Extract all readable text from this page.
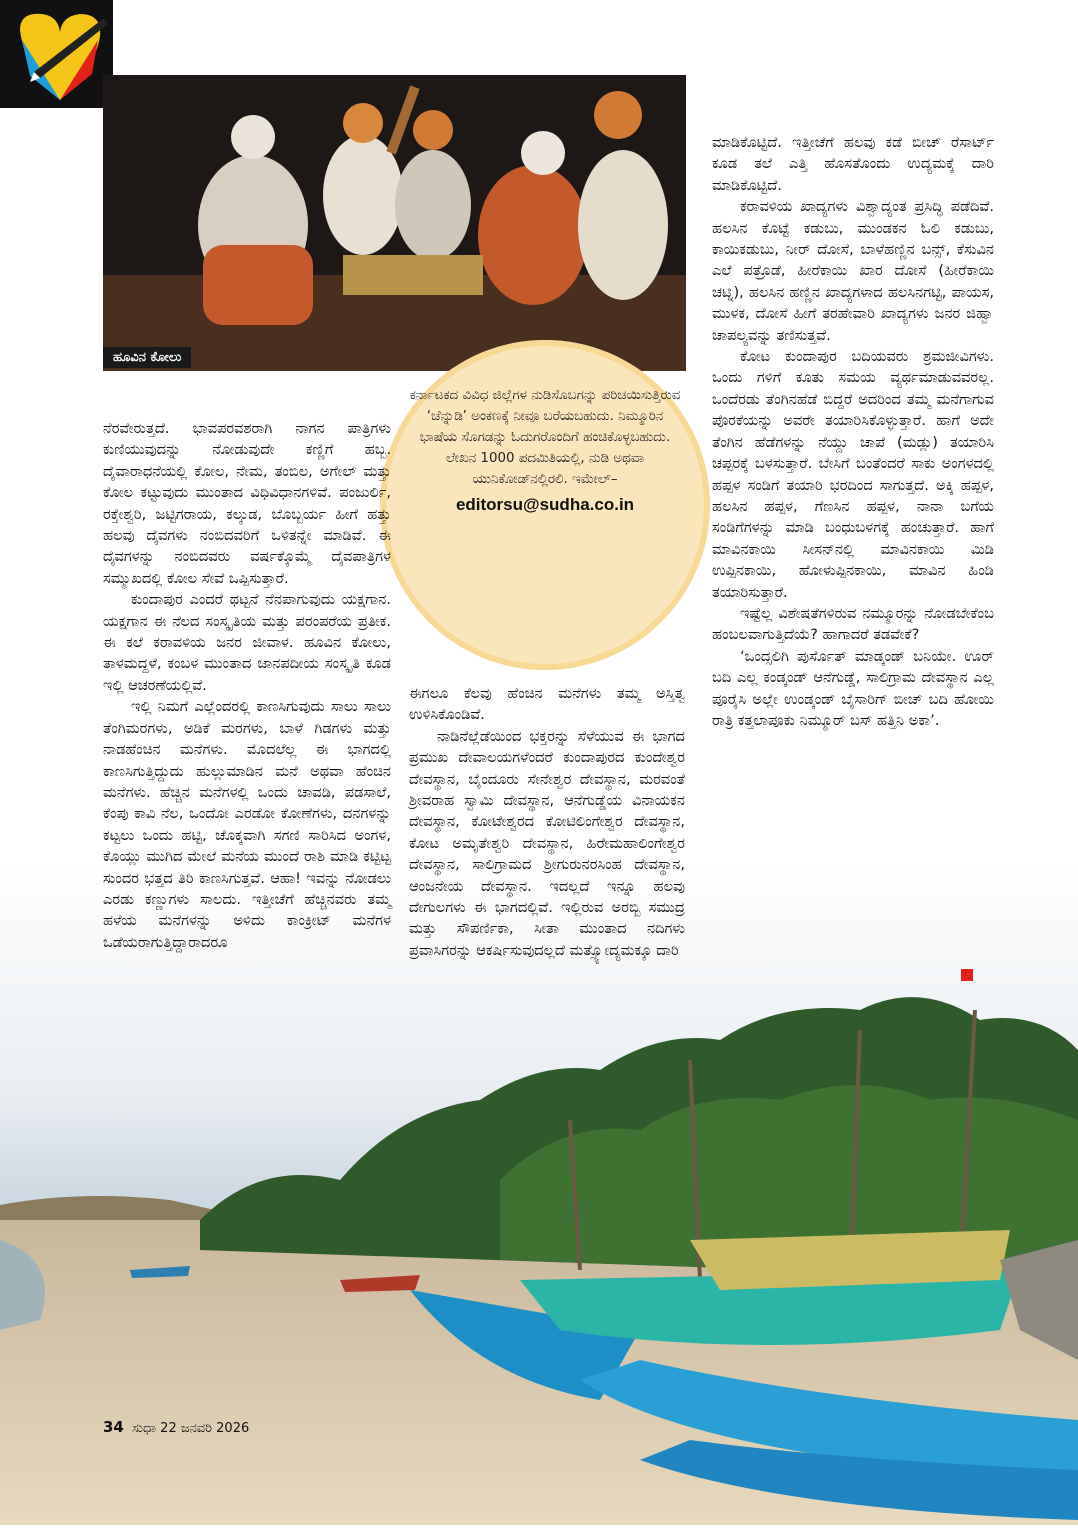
ಹೂವಿನ ಕೋಲು
ಕರ್ನಾಟಕದ ವಿವಿಧ ಜಿಲ್ಲೆಗಳ ನುಡಿಸೊಬಗನ್ನು ಪರಿಚಯಿಸುತ್ತಿರುವ ‘ಚೆನ್ನುಡಿ’ ಅಂಕಣಕ್ಕೆ ನೀವೂ ಬರೆಯಬಹುದು. ನಿಮ್ಮೂರಿನ ಭಾಷೆಯ ಸೊಗಡನ್ನು ಓದುಗರೊಂದಿಗೆ ಹಂಚಿಕೊಳ್ಳಬಹುದು. ಲೇಖನ 1000 ಪದಮಿತಿಯಲ್ಲಿ, ನುಡಿ ಅಥವಾ ಯುನಿಕೋಡ್‌ನಲ್ಲಿರಲಿ. ಇಮೇಲ್–
editorsu@sudha.co.in

ನೆರವೇರುತ್ತದೆ. ಭಾವಪರವಶರಾಗಿ ನಾಗನ ಪಾತ್ರಿಗಳು ಕುಣಿಯುವುದನ್ನು ನೋಡುವುದೇ ಕಣ್ಣಿಗೆ ಹಬ್ಬ. ದೈವಾರಾಧನೆಯಲ್ಲಿ ಕೋಲ, ನೇಮ, ತಂಬಿಲ, ಅಗೇಲ್ ಮತ್ತು ಕೋಲ ಕಟ್ಟುವುದು ಮುಂತಾದ ವಿಧಿವಿಧಾನಗಳಿವೆ. ಪಂಜುರ್ಲಿ, ರಕ್ತೇಶ್ವರಿ, ಜಟ್ಟಿಗರಾಯ, ಕಲ್ಕುಡ, ಬೊಬ್ಬರ್ಯ ಹೀಗೆ ಹತ್ತು ಹಲವು ದೈವಗಳು ನಂಬಿದವರಿಗೆ ಒಳಿತನ್ನೇ ಮಾಡಿವೆ. ಈ ದೈವಗಳನ್ನು ನಂಬಿದವರು ವರ್ಷಕ್ಕೊಮ್ಮೆ ದೈವಪಾತ್ರಿಗಳ ಸಮ್ಮುಖದಲ್ಲಿ ಕೋಲ ಸೇವೆ ಒಪ್ಪಿಸುತ್ತಾರೆ.

ಕುಂದಾಪುರ ಎಂದರೆ ಥಟ್ಟನೆ ನೆನಪಾಗುವುದು ಯಕ್ಷಗಾನ. ಯಕ್ಷಗಾನ ಈ ನೆಲದ ಸಂಸ್ಕೃತಿಯ ಮತ್ತು ಪರಂಪರೆಯ ಪ್ರತೀಕ. ಈ ಕಲೆ ಕರಾವಳಿಯ ಜನರ ಜೀವಾಳ. ಹೂವಿನ ಕೋಲು, ತಾಳಮದ್ದಳೆ, ಕಂಬಳ ಮುಂತಾದ ಜಾನಪದೀಯ ಸಂಸ್ಕೃತಿ ಕೂಡ ಇಲ್ಲಿ ಆಚರಣೆಯಲ್ಲಿವೆ.

ಇಲ್ಲಿ ನಿಮಗೆ ಎಲ್ಲೆಂದರಲ್ಲಿ ಕಾಣಸಿಗುವುದು ಸಾಲು ಸಾಲು ತೆಂಗಿಮರಗಳು, ಅಡಿಕೆ ಮರಗಳು, ಬಾಳೆ ಗಿಡಗಳು ಮತ್ತು ನಾಡಹೆಂಚಿನ ಮನೆಗಳು. ಮೊದಲೆಲ್ಲ ಈ ಭಾಗದಲ್ಲಿ ಕಾಣಸಿಗುತ್ತಿದ್ದುದು ಹುಲ್ಲುಮಾಡಿನ ಮನೆ ಅಥವಾ ಹೆಂಚಿನ ಮನೆಗಳು. ಹೆಚ್ಚಿನ ಮನೆಗಳಲ್ಲಿ ಒಂದು ಚಾವಡಿ, ಪಡಸಾಲೆ, ಕೆಂಪು ಕಾವಿ ನೆಲ, ಒಂದೋ ಎರಡೋ ಕೋಣೆಗಳು, ದನಗಳನ್ನು ಕಟ್ಟಲು ಒಂದು ಹಟ್ಟಿ, ಚೊಕ್ಕವಾಗಿ ಸಗಣಿ ಸಾರಿಸಿದ ಅಂಗಳ, ಕೊಯ್ಲು ಮುಗಿದ ಮೇಲೆ ಮನೆಯ ಮುಂದೆ ರಾಶಿ ಮಾಡಿ ಕಟ್ಟಿಟ್ಟ ಸುಂದರ ಭತ್ತದ ತಿರಿ ಕಾಣಸಿಗುತ್ತವೆ. ಆಹಾ! ಇವನ್ನು ನೋಡಲು ಎರಡು ಕಣ್ಣುಗಳು ಸಾಲದು. ಇತ್ತೀಚೆಗೆ ಹೆಚ್ಚಿನವರು ತಮ್ಮ ಹಳೆಯ ಮನೆಗಳನ್ನು ಅಳಿದು ಕಾಂಕ್ರೀಟ್ ಮನೆಗಳ ಒಡೆಯರಾಗುತ್ತಿದ್ದಾರಾದರೂ

ಈಗಲೂ ಕೆಲವು ಹೆಂಚಿನ ಮನೆಗಳು ತಮ್ಮ ಅಸ್ತಿತ್ವ ಉಳಿಸಿಕೊಂಡಿವೆ.

ನಾಡಿನೆಲ್ಲೆಡೆಯಿಂದ ಭಕ್ತರನ್ನು ಸೆಳೆಯುವ ಈ ಭಾಗದ ಪ್ರಮುಖ ದೇವಾಲಯಗಳೆಂದರೆ ಕುಂದಾಪುರದ ಕುಂದೇಶ್ವರ ದೇವಸ್ಥಾನ, ಬೈಂದೂರು ಸೇನೇಶ್ವರ ದೇವಸ್ಥಾನ, ಮರವಂತೆ ಶ್ರೀವರಾಹ ಸ್ವಾಮಿ ದೇವಸ್ಥಾನ, ಆನೆಗುಡ್ಡೆಯ ವಿನಾಯಕನ ದೇವಸ್ಥಾನ, ಕೋಟೇಶ್ವರದ ಕೋಟಿಲಿಂಗೇಶ್ವರ ದೇವಸ್ಥಾನ, ಕೋಟ ಅಮೃತೇಶ್ವರಿ ದೇವಸ್ಥಾನ, ಹಿರೇಮಹಾಲಿಂಗೇಶ್ವರ ದೇವಸ್ಥಾನ, ಸಾಲಿಗ್ರಾಮದ ಶ್ರೀಗುರುನರಸಿಂಹ ದೇವಸ್ಥಾನ, ಆಂಜನೇಯ ದೇವಸ್ಥಾನ. ಇದಲ್ಲದೆ ಇನ್ನೂ ಹಲವು ದೇಗುಲಗಳು ಈ ಭಾಗದಲ್ಲಿವೆ. ಇಲ್ಲಿರುವ ಅರಬ್ಬಿ ಸಮುದ್ರ ಮತ್ತು ಸೌಪರ್ಣಿಕಾ, ಸೀತಾ ಮುಂತಾದ ನದಿಗಳು ಪ್ರವಾಸಿಗರನ್ನು ಆಕರ್ಷಿಸುವುದಲ್ಲದೆ ಮತ್ಸ್ಯೋದ್ಯಮಕ್ಕೂ ದಾರಿ

ಮಾಡಿಕೊಟ್ಟಿದೆ. ಇತ್ತೀಚೆಗೆ ಹಲವು ಕಡೆ ಬೀಚ್ ರೆಸಾರ್ಟ್ ಕೂಡ ತಲೆ ಎತ್ತಿ ಹೊಸತೊಂದು ಉದ್ಯಮಕ್ಕೆ ದಾರಿ ಮಾಡಿಕೊಟ್ಟಿದೆ.

ಕರಾವಳಿಯ ಖಾದ್ಯಗಳು ವಿಶ್ವಾದ್ಯಂತ ಪ್ರಸಿದ್ಧಿ ಪಡೆದಿವೆ. ಹಲಸಿನ ಕೊಟ್ಟೆ ಕಡುಬು, ಮುಂಡಕನ ಓಲಿ ಕಡುಬು, ಕಾಯಿಕಡುಬು, ನೀರ್ ದೋಸೆ, ಬಾಳೆಹಣ್ಣಿನ ಬನ್ಸ್, ಕೆಸುವಿನ ಎಲೆ ಪತ್ರೊಡೆ, ಹೀರೆಕಾಯಿ ಖಾರ ದೋಸೆ (ಹೀರೆಕಾಯಿ ಚಟ್ನಿ), ಹಲಸಿನ ಹಣ್ಣಿನ ಖಾದ್ಯಗಳಾದ ಹಲಸಿನಗಟ್ಟಿ, ಪಾಯಸ, ಮುಳಕ, ದೋಸೆ ಹೀಗೆ ತರಹೇವಾರಿ ಖಾದ್ಯಗಳು ಜನರ ಜಿಹ್ವಾ ಚಾಪಲ್ಯವನ್ನು ತಣಿಸುತ್ತವೆ.

ಕೋಟ ಕುಂದಾಪುರ ಬದಿಯವರು ಶ್ರಮಜೀವಿಗಳು. ಒಂದು ಗಳಿಗೆ ಕೂತು ಸಮಯ ವ್ಯರ್ಥಮಾಡುವವರಲ್ಲ. ಒಂದೆರಡು ತೆಂಗಿನಹೆಡೆ ಬಿದ್ದರೆ ಅದರಿಂದ ತಮ್ಮ ಮನೆಗಾಗುವ ಪೊರಕೆಯನ್ನು ಅವರೇ ತಯಾರಿಸಿಕೊಳ್ಳುತ್ತಾರೆ. ಹಾಗೆ ಅದೇ ತೆಂಗಿನ ಹೆಡೆಗಳನ್ನು ನೆಯ್ದು ಚಾಪೆ (ಮಡ್ಲು) ತಯಾರಿಸಿ ಚಪ್ಪರಕ್ಕೆ ಬಳಸುತ್ತಾರೆ. ಬೇಸಿಗೆ ಬಂತೆಂದರೆ ಸಾಕು ಅಂಗಳದಲ್ಲಿ ಹಪ್ಪಳ ಸಂಡಿಗೆ ತಯಾರಿ ಭರದಿಂದ ಸಾಗುತ್ತದೆ. ಅಕ್ಕಿ ಹಪ್ಪಳ, ಹಲಸಿನ ಹಪ್ಪಳ, ಗೆಣಸಿನ ಹಪ್ಪಳ, ನಾನಾ ಬಗೆಯ ಸಂಡಿಗೆಗಳನ್ನು ಮಾಡಿ ಬಂಧುಬಳಗಕ್ಕೆ ಹಂಚುತ್ತಾರೆ. ಹಾಗೆ ಮಾವಿನಕಾಯಿ ಸೀಸನ್‌ನಲ್ಲಿ ಮಾವಿನಕಾಯಿ ಮಿಡಿ ಉಪ್ಪಿನಕಾಯಿ, ಹೋಳುಪ್ಪಿನಕಾಯಿ, ಮಾವಿನ ಹಿಂಡಿ ತಯಾರಿಸುತ್ತಾರೆ.

ಇಷ್ಟೆಲ್ಲ ವಿಶೇಷತೆಗಳಿರುವ ನಮ್ಮೂರನ್ನು ನೋಡಬೇಕೆಂಬ ಹಂಬಲವಾಗುತ್ತಿದೆಯೆ? ಹಾಗಾದರೆ ತಡವೇಕೆ?

‘ಒಂದ್ಸಲಿಗಿ ಪುರ್ಸೊತ್ ಮಾಡ್ಕಂಡ್ ಬನಿಯೇ. ಊರ್ ಬದಿ ಎಲ್ಲ ಕಂಡ್ಕಂಡ್ ಆನೆಗುಡ್ಡೆ, ಸಾಲಿಗ್ರಾಮ ದೇವಸ್ಥಾನ ಎಲ್ಲ ಪೂರೈಸಿ ಅಲ್ಲೇ ಉಂಡ್ಕಂಡ್ ಬೈಸಾರಿಗ್ ಬೀಚ್ ಬದಿ ಹೋಯಿ ರಾತ್ರಿ ಕತ್ತಲಾಪೂಕು ನಿಮ್ಮೂರ್ ಬಸ್ ಹತ್ತಿನಿ ಅಕಾ’.

34 ಸುಧಾ 22 ಜನವರಿ 2026
